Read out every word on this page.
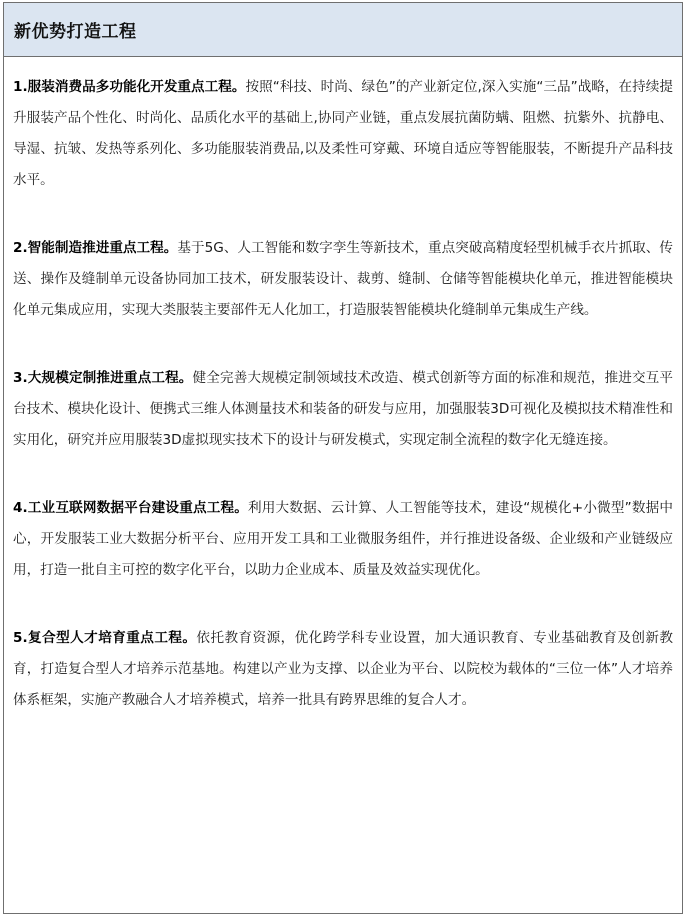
新优势打造工程

1.服装消费品多功能化开发重点工程。按照“科技、时尚、绿色”的产业新定位,深入实施“三品”战略，在持续提升服装产品个性化、时尚化、品质化水平的基础上,协同产业链，重点发展抗菌防螨、阻燃、抗紫外、抗静电、导湿、抗皱、发热等系列化、多功能服装消费品,以及柔性可穿戴、环境自适应等智能服装，不断提升产品科技水平。

2.智能制造推进重点工程。基于5G、人工智能和数字孪生等新技术，重点突破高精度轻型机械手衣片抓取、传送、操作及缝制单元设备协同加工技术，研发服装设计、裁剪、缝制、仓储等智能模块化单元，推进智能模块化单元集成应用，实现大类服装主要部件无人化加工，打造服装智能模块化缝制单元集成生产线。

3.大规模定制推进重点工程。健全完善大规模定制领域技术改造、模式创新等方面的标准和规范，推进交互平台技术、模块化设计、便携式三维人体测量技术和装备的研发与应用，加强服装3D可视化及模拟技术精准性和实用化，研究并应用服装3D虚拟现实技术下的设计与研发模式，实现定制全流程的数字化无缝连接。

4.工业互联网数据平台建设重点工程。利用大数据、云计算、人工智能等技术，建设“规模化+小微型”数据中心，开发服装工业大数据分析平台、应用开发工具和工业微服务组件，并行推进设备级、企业级和产业链级应用，打造一批自主可控的数字化平台，以助力企业成本、质量及效益实现优化。

5.复合型人才培育重点工程。依托教育资源，优化跨学科专业设置，加大通识教育、专业基础教育及创新教育，打造复合型人才培养示范基地。构建以产业为支撑、以企业为平台、以院校为载体的“三位一体”人才培养体系框架，实施产教融合人才培养模式，培养一批具有跨界思维的复合人才。
